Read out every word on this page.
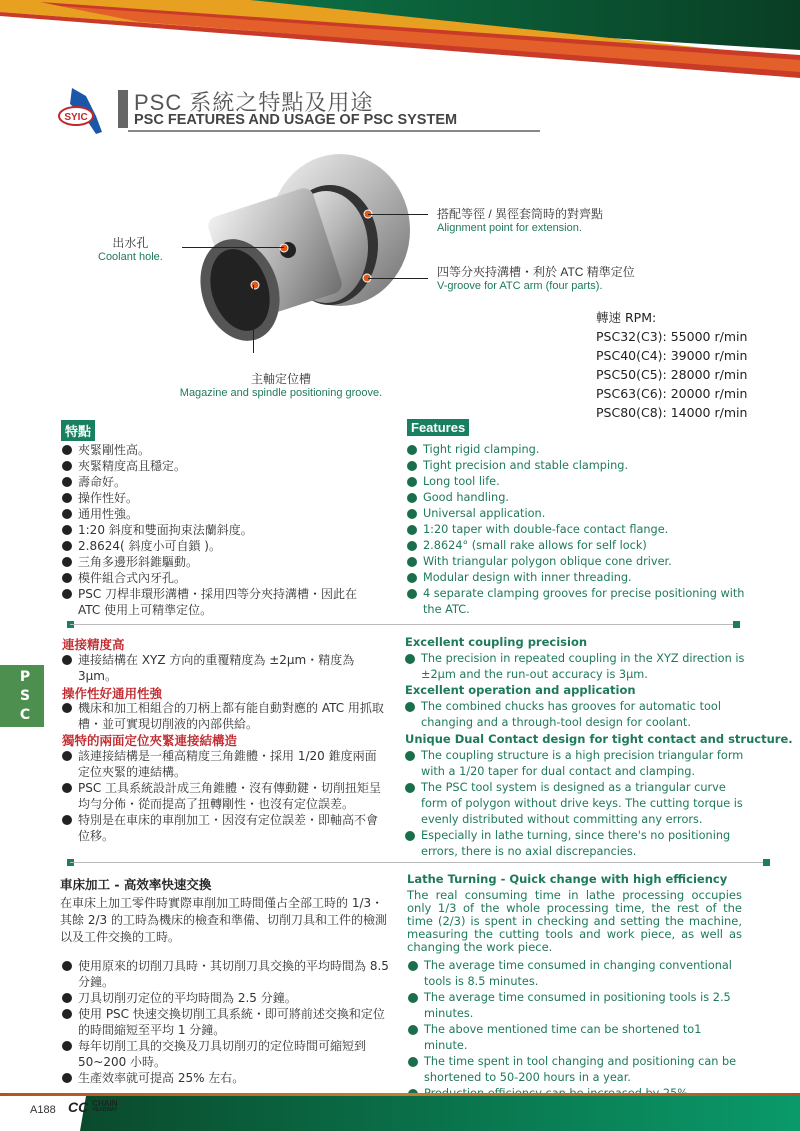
SYIC
PSC 系統之特點及用途
PSC FEATURES AND USAGE OF PSC SYSTEM
出水孔
Coolant hole.
搭配等徑 / 異徑套筒時的對齊點
Alignment point for extension.
四等分夾持溝槽・利於 ATC 精準定位
V-groove for ATC arm (four parts).
主軸定位槽
Magazine and spindle positioning groove.
轉速 RPM:
PSC32(C3): 55000 r/min
PSC40(C4): 39000 r/min
PSC50(C5): 28000 r/min
PSC63(C6): 20000 r/min
PSC80(C8): 14000 r/min
特點
夾緊剛性高。
夾緊精度高且穩定。
壽命好。
操作性好。
通用性強。
1:20 斜度和雙面拘束法蘭斜度。
2.8624( 斜度小可自鎖 )。
三角多邊形斜錐驅動。
模件組合式內牙孔。
PSC 刀桿非環形溝槽・採用四等分夾持溝槽・因此在 ATC 使用上可精準定位。
Features
Tight rigid clamping.
Tight precision and stable clamping.
Long tool life.
Good handling.
Universal application.
1:20 taper with double-face contact flange.
2.8624° (small rake allows for self lock)
With triangular polygon oblique cone driver.
Modular design with inner threading.
4 separate clamping grooves for precise positioning with the ATC.
P
S
C
連接精度高
連接結構在 XYZ 方向的重覆精度為 ±2μm・精度為 3μm。
操作性好通用性強
機床和加工相組合的刀柄上都有能自動對應的 ATC 用抓取槽・並可實現切削液的內部供給。
獨特的兩面定位夾緊連接結構造
該連接結構是一種高精度三角錐體・採用 1/20 錐度兩面定位夾緊的連結構。
PSC 工具系統設計成三角錐體・沒有傳動鍵・切削扭矩呈均勻分佈・從而提高了扭轉剛性・也沒有定位誤差。
特別是在車床的車削加工・因沒有定位誤差・即軸高不會位移。
Excellent coupling precision
The precision in repeated coupling in the XYZ direction is ±2μm and the run-out accuracy is 3μm.
Excellent operation and application
The combined chucks has grooves for automatic tool changing and a through-tool design for coolant.
Unique Dual Contact design for tight contact and structure.
The coupling structure is a high precision triangular form with a 1/20 taper for dual contact and clamping.
The PSC tool system is designed as a triangular curve form of polygon without drive keys. The cutting torque is evenly distributed without committing any errors.
Especially in lathe turning, since there's no positioning errors, there is no axial discrepancies.
車床加工 - 高效率快速交換
在車床上加工零件時實際車削加工時間僅占全部工時的 1/3・其餘 2/3 的工時為機床的檢查和準備、切削刀具和工件的檢測以及工件交換的工時。
使用原來的切削刀具時・其切削刀具交換的平均時間為 8.5 分鐘。
刀具切削刃定位的平均時間為 2.5 分鐘。
使用 PSC 快速交換切削工具系統・即可將前述交換和定位的時間縮短至平均 1 分鐘。
每年切削工具的交換及刀具切削刃的定位時間可縮短到 50~200 小時。
生產效率就可提高 25% 左右。
Lathe Turning - Quick change with high efficiency
The real consuming time in lathe processing occupies only 1/3 of the whole processing time, the rest of the time (2/3) is spent in checking and setting the machine, measuring the cutting tools and work piece, as well as changing the work piece.
The average time consumed in changing conventional tools is 8.5 minutes.
The average time consumed in positioning tools is 2.5 minutes.
The above mentioned time can be shortened to1 minute.
The time spent in tool changing and positioning can be shortened to 50-200 hours in a year.
A188 CC CHAIN
HEADWAY
